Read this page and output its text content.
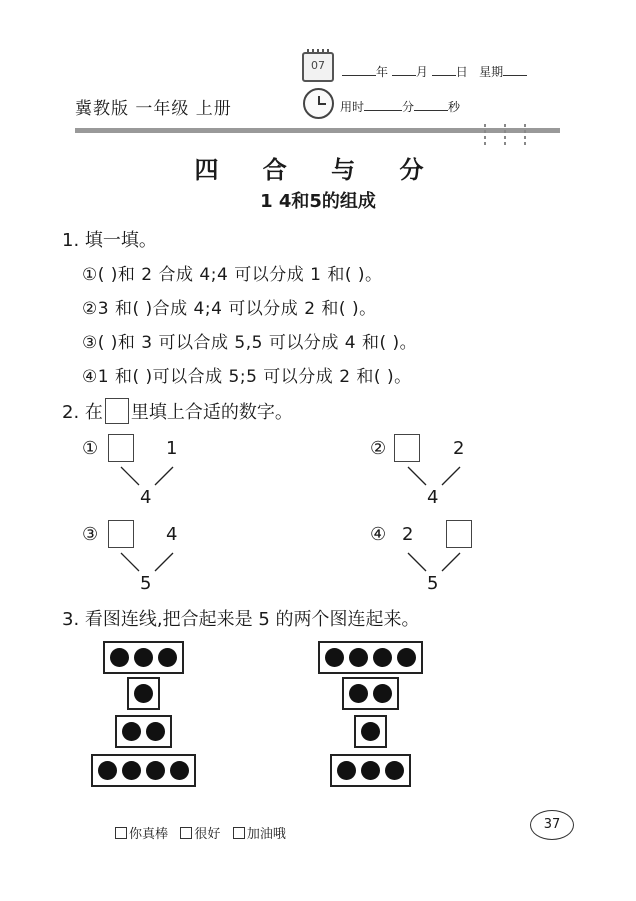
07	年 月 日 星期
用时	分	秒
冀教版 一年级 上册
四 合 与 分
1 4和5的组成
1. 填一填。
①( )和 2 合成 4;4 可以分成 1 和( )。
②3 和( )合成 4;4 可以分成 2 和( )。
③( )和 3 可以合成 5,5 可以分成 4 和( )。
④1 和( )可以合成 5;5 可以分成 2 和( )。
2. 在 里填上合适的数字。
①	1
4
②	2
4
③	4
5
④ 2
5
3. 看图连线,把合起来是 5 的两个图连起来。
你真棒 很好 加油哦
37
